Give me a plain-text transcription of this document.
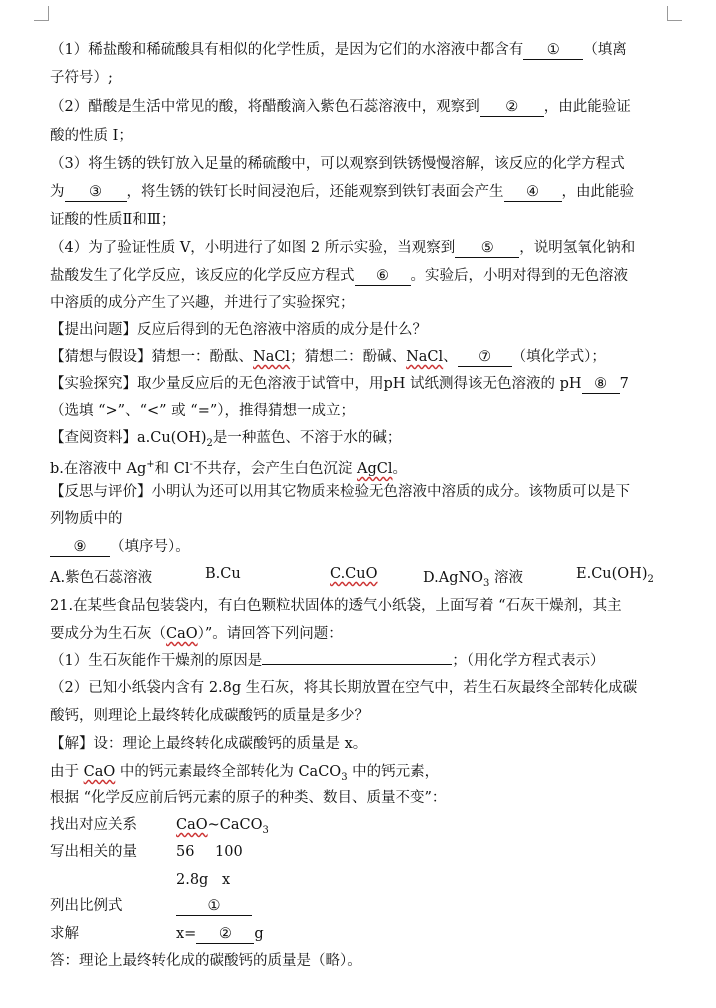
（1）稀盐酸和稀硫酸具有相似的化学性质，是因为它们的水溶液中都含有 ① （填离
子符号）;
（2）醋酸是生活中常见的酸，将醋酸滴入紫色石蕊溶液中，观察到 ② ，由此能验证
酸的性质 I；
（3）将生锈的铁钉放入足量的稀硫酸中，可以观察到铁锈慢慢溶解，该反应的化学方程式
为 ③ ，将生锈的铁钉长时间浸泡后，还能观察到铁钉表面会产生 ④ ，由此能验
证酸的性质Ⅱ和Ⅲ；
（4）为了验证性质 V，小明进行了如图 2 所示实验，当观察到 ⑤ ，说明氢氧化钠和
盐酸发生了化学反应，该反应的化学反应方程式 ⑥ 。实验后，小明对得到的无色溶液
中溶质的成分产生了兴趣，并进行了实验探究；
【提出问题】反应后得到的无色溶液中溶质的成分是什么？
【猜想与假设】猜想一：酚酞、NaCl；猜想二：酚碱、NaCl、 ⑦ （填化学式）；
【实验探究】取少量反应后的无色溶液于试管中，用pH 试纸测得该无色溶液的 pH ⑧ 7
（选填 “>”、“<” 或 “=”），推得猜想一成立；
【查阅资料】$a.Cu(OH)_2$是一种蓝色、不溶于水的碱；
b.在溶液中 Ag+和 Cl-不共存，会产生白色沉淀 AgCl。
【反思与评价】小明认为还可以用其它物质来检验无色溶液中溶质的成分。该物质可以是下
列物质中的
⑨ （填序号）。
A.紫色石蕊溶液	B.Cu	C.CuO	D.AgNO$_3$ 溶液	$E.Cu(OH)_2$
21.在某些食品包装袋内，有白色颗粒状固体的透气小纸袋，上面写着 “石灰干燥剂，其主
要成分为生石灰（CaO）”。请回答下列问题：
（1）生石灰能作干燥剂的原因是	；（用化学方程式表示）
（2）已知小纸袋内含有 2.8g 生石灰，将其长期放置在空气中，若生石灰最终全部转化成碳
酸钙，则理论上最终转化成碳酸钙的质量是多少？
【解】设：理论上最终转化成碳酸钙的质量是 x。
由于 CaO 中的钙元素最终全部转化为 CaCO$_3$ 中的钙元素，
根据 “化学反应前后钙元素的原子的种类、数目、质量不变”：
找出对应关系	CaO~CaCO$_3$
写出相关的量	56 100
2.8g x
列出比例式	①
求解	x= ② g
答：理论上最终转化成的碳酸钙的质量是（略）。
